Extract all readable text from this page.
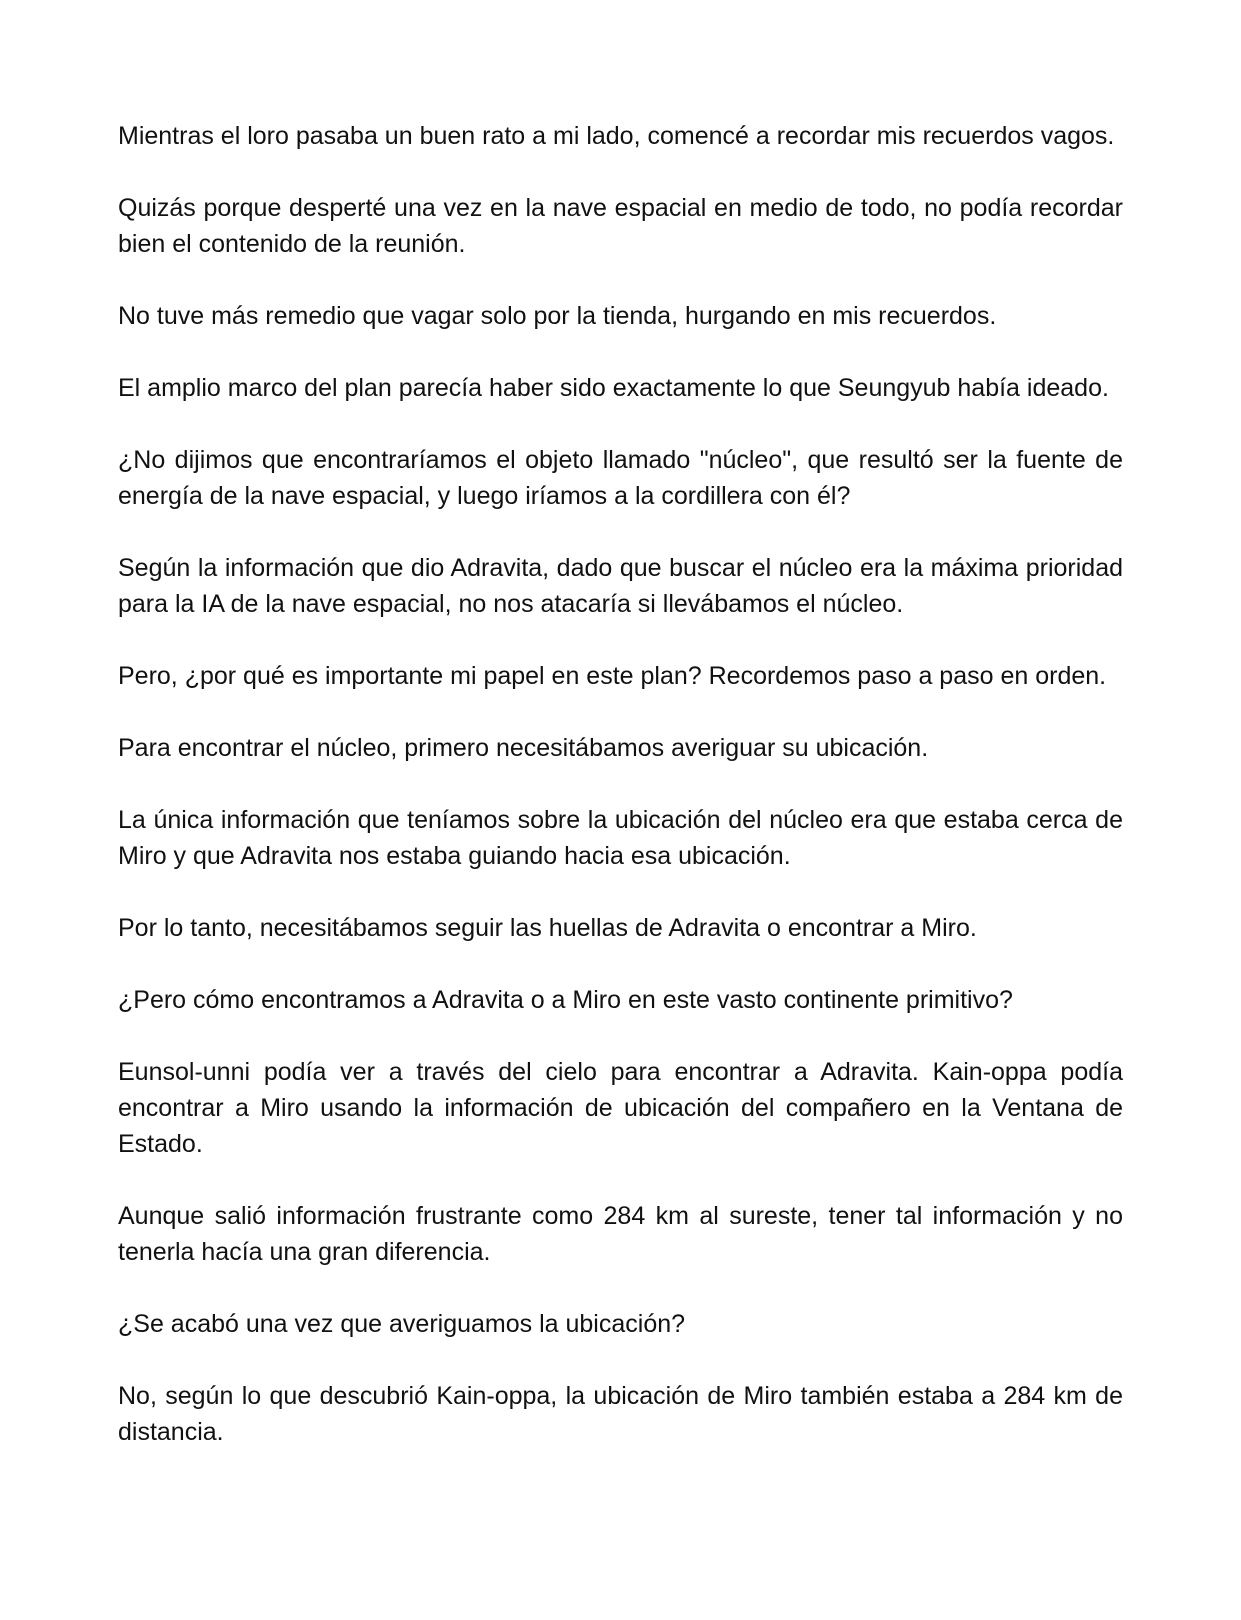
Mientras el loro pasaba un buen rato a mi lado, comencé a recordar mis recuerdos vagos.

Quizás porque desperté una vez en la nave espacial en medio de todo, no podía recordar bien el contenido de la reunión.

No tuve más remedio que vagar solo por la tienda, hurgando en mis recuerdos.

El amplio marco del plan parecía haber sido exactamente lo que Seungyub había ideado.

¿No dijimos que encontraríamos el objeto llamado "núcleo", que resultó ser la fuente de energía de la nave espacial, y luego iríamos a la cordillera con él?

Según la información que dio Adravita, dado que buscar el núcleo era la máxima prioridad para la IA de la nave espacial, no nos atacaría si llevábamos el núcleo.

Pero, ¿por qué es importante mi papel en este plan? Recordemos paso a paso en orden.

Para encontrar el núcleo, primero necesitábamos averiguar su ubicación.

La única información que teníamos sobre la ubicación del núcleo era que estaba cerca de Miro y que Adravita nos estaba guiando hacia esa ubicación.

Por lo tanto, necesitábamos seguir las huellas de Adravita o encontrar a Miro.

¿Pero cómo encontramos a Adravita o a Miro en este vasto continente primitivo?

Eunsol-unni podía ver a través del cielo para encontrar a Adravita. Kain-oppa podía encontrar a Miro usando la información de ubicación del compañero en la Ventana de Estado.

Aunque salió información frustrante como 284 km al sureste, tener tal información y no tenerla hacía una gran diferencia.

¿Se acabó una vez que averiguamos la ubicación?

No, según lo que descubrió Kain-oppa, la ubicación de Miro también estaba a 284 km de distancia.
